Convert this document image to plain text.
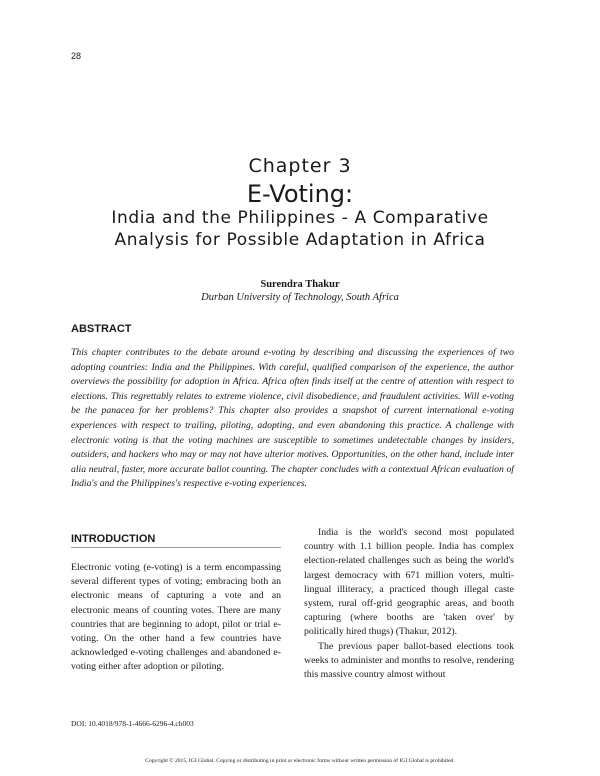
28
Chapter 3
E-Voting:
India and the Philippines - A Comparative
Analysis for Possible Adaptation in Africa
Surendra Thakur
Durban University of Technology, South Africa
ABSTRACT

This chapter contributes to the debate around e-voting by describing and discussing the experiences of two adopting countries: India and the Philippines. With careful, qualified comparison of the experience, the author overviews the possibility for adoption in Africa. Africa often finds itself at the centre of attention with respect to elections. This regrettably relates to extreme violence, civil disobedience, and fraudulent activities. Will e-voting be the panacea for her problems? This chapter also provides a snapshot of current international e-voting experiences with respect to trailing, piloting, adopting, and even abandoning this practice. A challenge with electronic voting is that the voting machines are susceptible to sometimes undetectable changes by insiders, outsiders, and hackers who may or may not have ulterior motives. Opportunities, on the other hand, include inter alia neutral, faster, more accurate ballot counting. The chapter concludes with a contextual African evaluation of India's and the Philippines's respective e-voting experiences.

INTRODUCTION

Electronic voting (e-voting) is a term encompassing several different types of voting; embracing both an electronic means of capturing a vote and an electronic means of counting votes. There are many countries that are beginning to adopt, pilot or trial e-voting. On the other hand a few countries have acknowledged e-voting challenges and abandoned e-voting either after adoption or piloting.

India is the world's second most populated country with 1.1 billion people. India has complex election-related challenges such as being the world's largest democracy with 671 million voters, multi-lingual illiteracy, a practiced though illegal caste system, rural off-grid geographic areas, and booth capturing (where booths are 'taken over' by politically hired thugs) (Thakur, 2012).

The previous paper ballot-based elections took weeks to administer and months to resolve, rendering this massive country almost without

DOI: 10.4018/978-1-4666-6296-4.ch003
Copyright © 2015, IGI Global. Copying or distributing in print or electronic forms without written permission of IGI Global is prohibited.
